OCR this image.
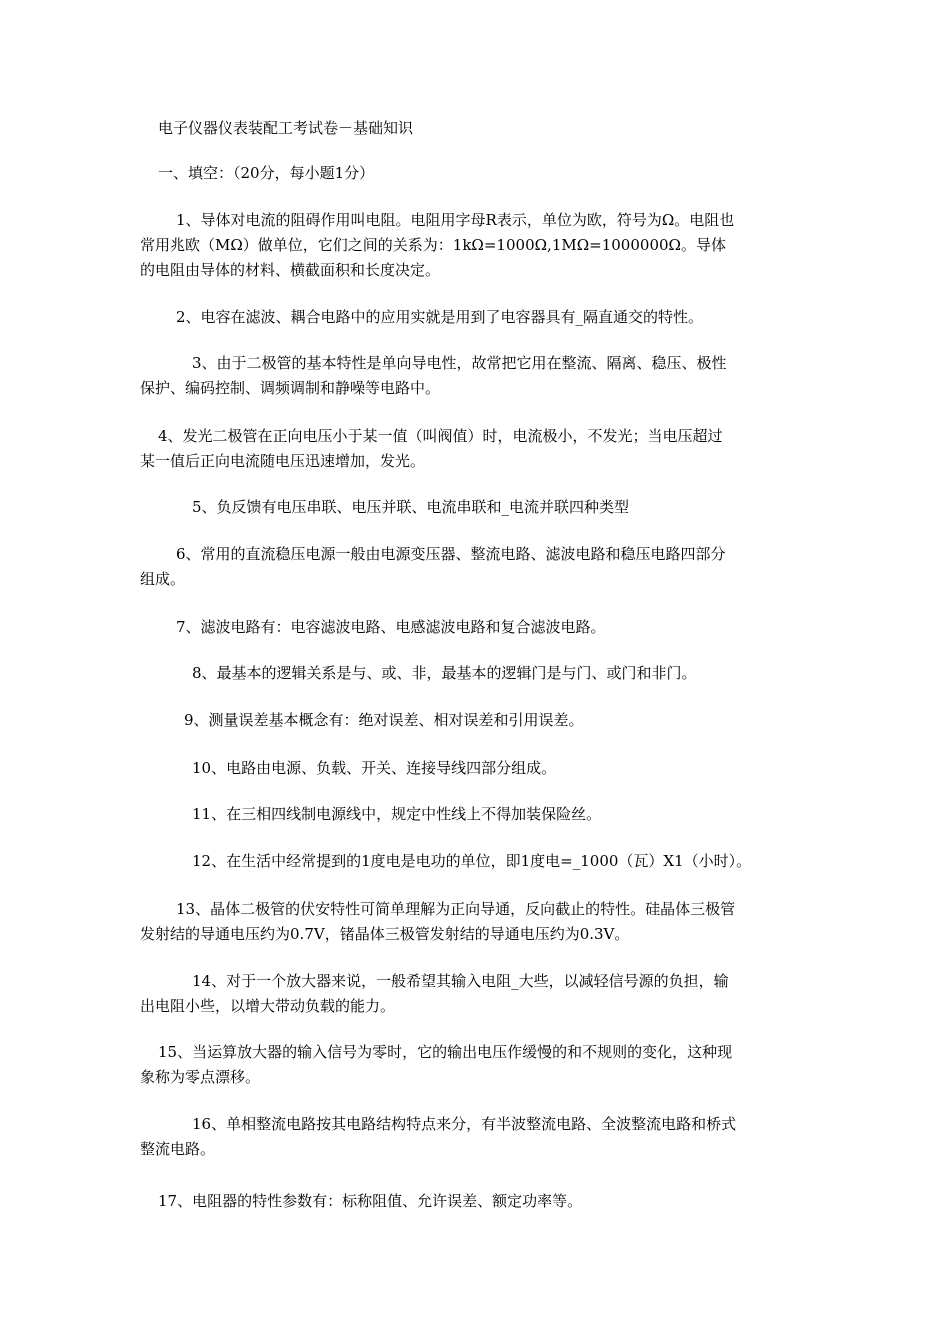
电子仪器仪表装配工考试卷－基础知识
一、填空：（20分，每小题1分）
1、导体对电流的阻碍作用叫电阻。电阻用字母R表示，单位为欧，符号为Ω。电阻也
常用兆欧（MΩ）做单位，它们之间的关系为：1kΩ=1000Ω,1MΩ=1000000Ω。导体
的电阻由导体的材料、横截面积和长度决定。
2、电容在滤波、耦合电路中的应用实就是用到了电容器具有_隔直通交的特性。
3、由于二极管的基本特性是单向导电性，故常把它用在整流、隔离、稳压、极性
保护、编码控制、调频调制和静噪等电路中。
4、发光二极管在正向电压小于某一值（叫阀值）时，电流极小，不发光；当电压超过
某一值后正向电流随电压迅速增加，发光。
5、负反馈有电压串联、电压并联、电流串联和_电流并联四种类型
6、常用的直流稳压电源一般由电源变压器、整流电路、滤波电路和稳压电路四部分
组成。
7、滤波电路有：电容滤波电路、电感滤波电路和复合滤波电路。
8、最基本的逻辑关系是与、或、非，最基本的逻辑门是与门、或门和非门。
9、测量误差基本概念有：绝对误差、相对误差和引用误差。
10、电路由电源、负载、开关、连接导线四部分组成。
11、在三相四线制电源线中，规定中性线上不得加装保险丝。
12、在生活中经常提到的1度电是电功的单位，即1度电=_1000（瓦）X1（小时）。
13、晶体二极管的伏安特性可简单理解为正向导通，反向截止的特性。硅晶体三极管
发射结的导通电压约为0.7V，锗晶体三极管发射结的导通电压约为0.3V。
14、对于一个放大器来说，一般希望其输入电阻_大些，以减轻信号源的负担，输
出电阻小些，以增大带动负载的能力。
15、当运算放大器的输入信号为零时，它的输出电压作缓慢的和不规则的变化，这种现
象称为零点漂移。
16、单相整流电路按其电路结构特点来分，有半波整流电路、全波整流电路和桥式
整流电路。
17、电阻器的特性参数有：标称阻值、允许误差、额定功率等。
